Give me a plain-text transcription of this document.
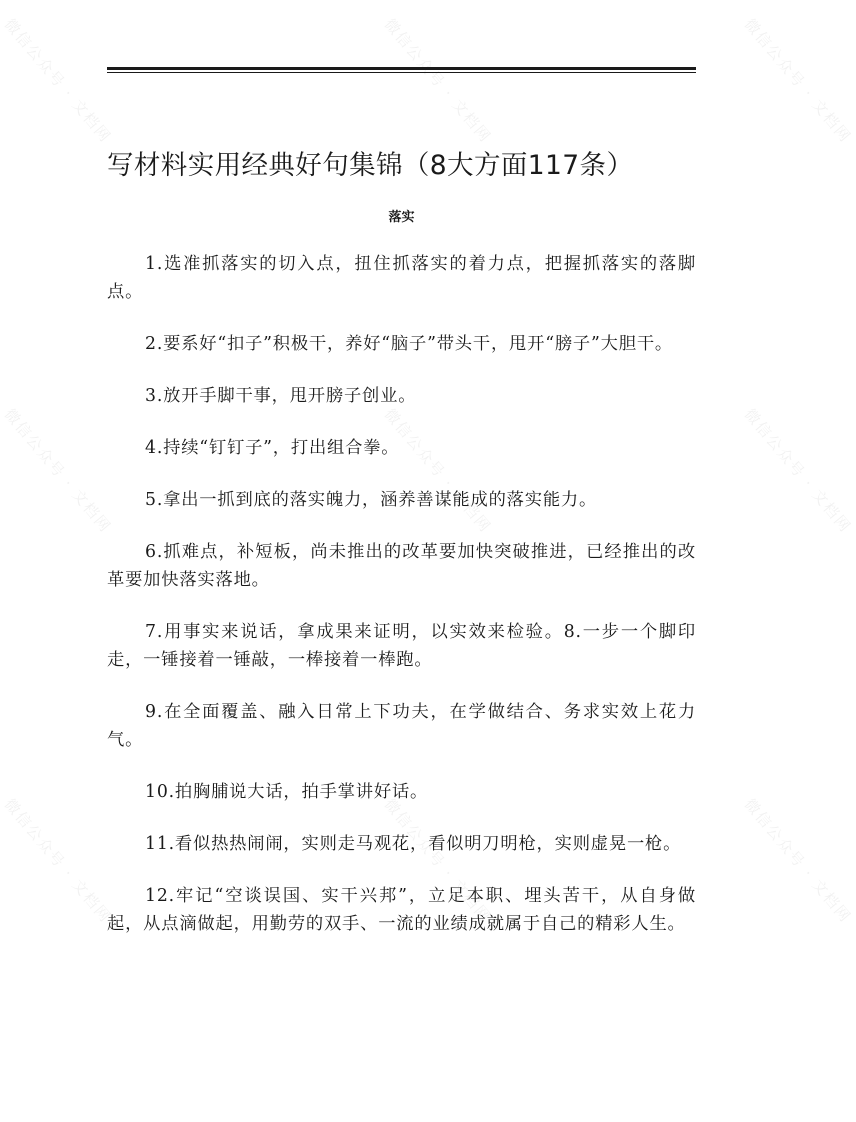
微信公众号 · 文档网	微信公众号 · 文档网	微信公众号 · 文档网
微信公众号 · 文档网	微信公众号 · 文档网	微信公众号 · 文档网
微信公众号 · 文档网	微信公众号 · 文档网	微信公众号 · 文档网
写材料实用经典好句集锦（8大方面117条）
落实

1.选准抓落实的切入点，扭住抓落实的着力点，把握抓落实的落脚点。

2.要系好“扣子”积极干，养好“脑子”带头干，甩开“膀子”大胆干。

3.放开手脚干事，甩开膀子创业。

4.持续“钉钉子”，打出组合拳。

5.拿出一抓到底的落实魄力，涵养善谋能成的落实能力。

6.抓难点，补短板，尚未推出的改革要加快突破推进，已经推出的改革要加快落实落地。

7.用事实来说话，拿成果来证明，以实效来检验。8.一步一个脚印走，一锤接着一锤敲，一棒接着一棒跑。

9.在全面覆盖、融入日常上下功夫，在学做结合、务求实效上花力气。

10.拍胸脯说大话，拍手掌讲好话。

11.看似热热闹闹，实则走马观花，看似明刀明枪，实则虚晃一枪。

12.牢记“空谈误国、实干兴邦”，立足本职、埋头苦干，从自身做起，从点滴做起，用勤劳的双手、一流的业绩成就属于自己的精彩人生。
